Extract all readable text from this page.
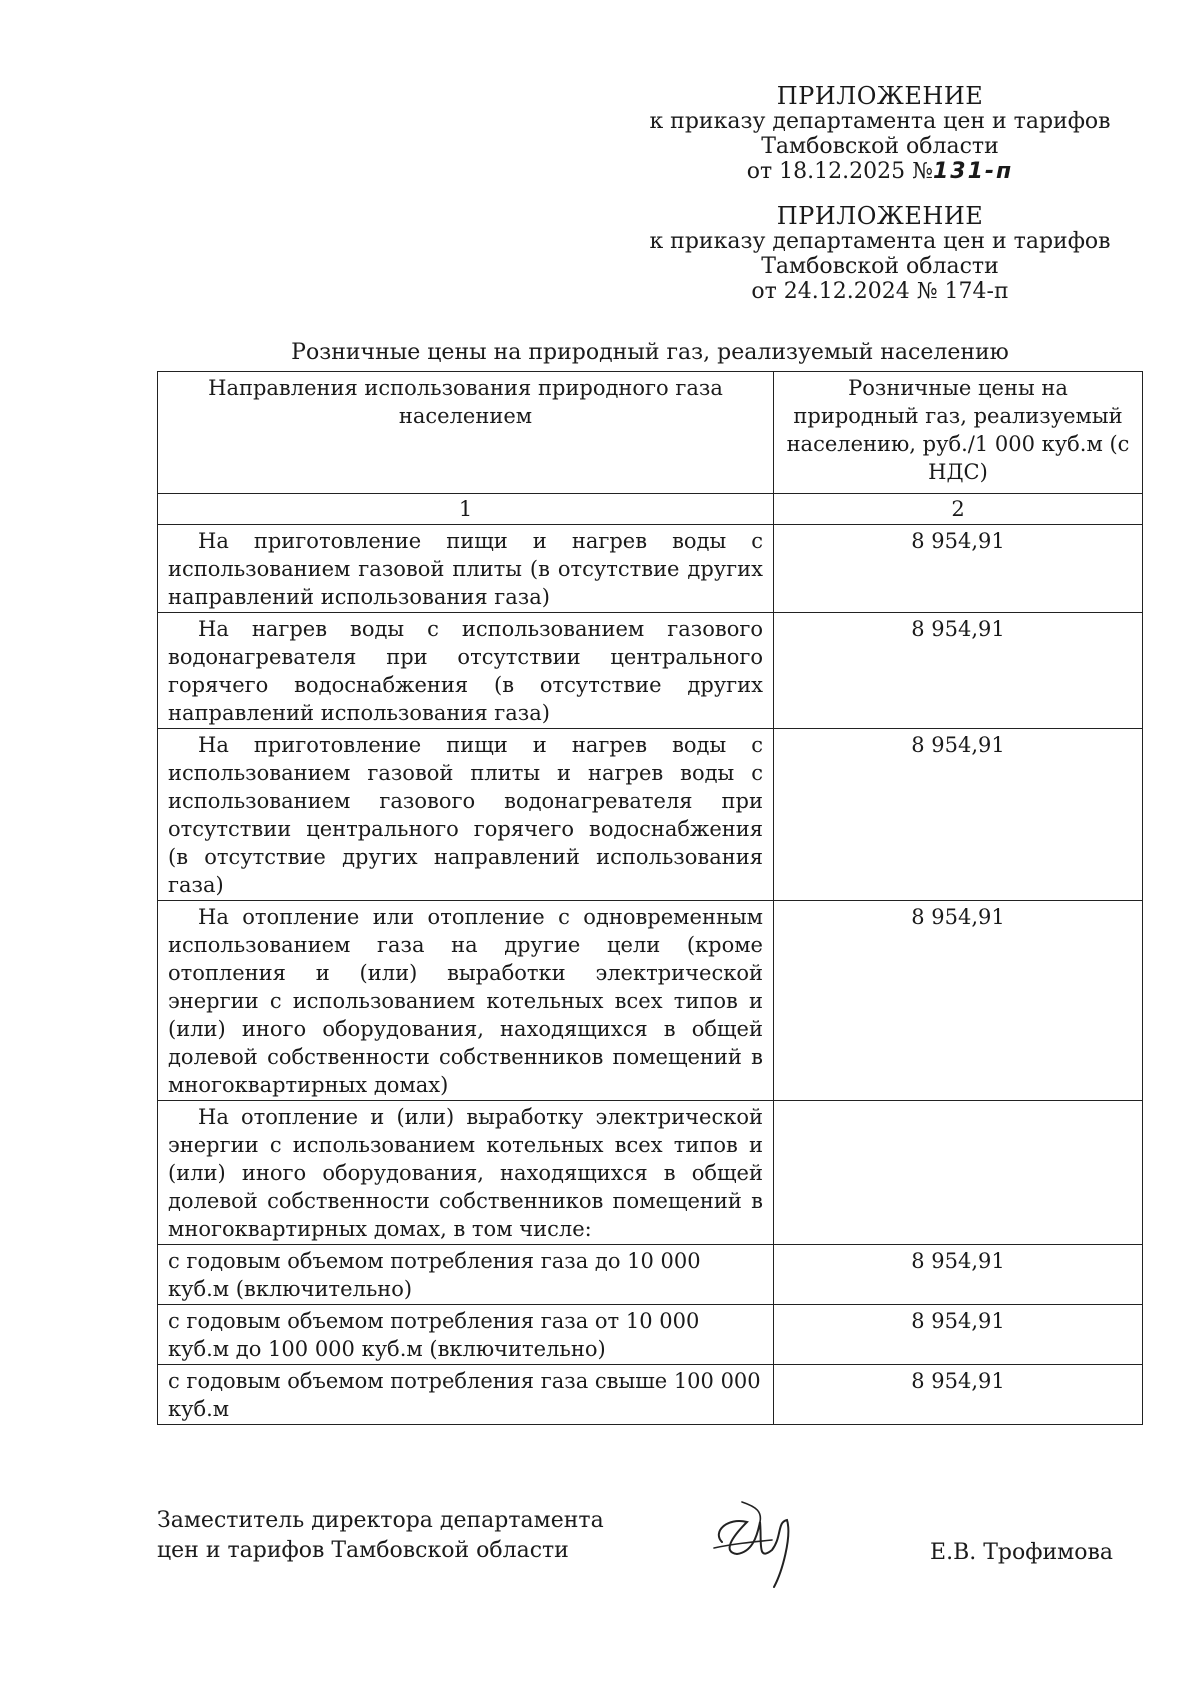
ПРИЛОЖЕНИЕ
к приказу департамента цен и тарифов
Тамбовской области
от 18.12.2025 №131-п
ПРИЛОЖЕНИЕ
к приказу департамента цен и тарифов
Тамбовской области
от 24.12.2024 № 174-п
Розничные цены на природный газ, реализуемый населению
Направления использования природного газа населением	Розничные цены на природный газ, реализуемый населению, руб./1 000 куб.м (с НДС)
1	2
На приготовление пищи и нагрев воды с использованием газовой плиты (в отсутствие других направлений использования газа)	8 954,91
На нагрев воды с использованием газового водонагревателя при отсутствии центрального горячего водоснабжения (в отсутствие других направлений использования газа)	8 954,91
На приготовление пищи и нагрев воды с использованием газовой плиты и нагрев воды с использованием газового водонагревателя при отсутствии центрального горячего водоснабжения (в отсутствие других направлений использования газа)	8 954,91
На отопление или отопление с одновременным использованием газа на другие цели (кроме отопления и (или) выработки электрической энергии с использованием котельных всех типов и (или) иного оборудования, находящихся в общей долевой собственности собственников помещений в многоквартирных домах)	8 954,91
На отопление и (или) выработку электрической энергии с использованием котельных всех типов и (или) иного оборудования, находящихся в общей долевой собственности собственников помещений в многоквартирных домах, в том числе:	
с годовым объемом потребления газа до 10 000 куб.м (включительно)	8 954,91
с годовым объемом потребления газа от 10 000 куб.м до 100 000 куб.м (включительно)	8 954,91
с годовым объемом потребления газа свыше 100 000 куб.м	8 954,91
Заместитель директора департамента
цен и тарифов Тамбовской области	Е.В. Трофимова
